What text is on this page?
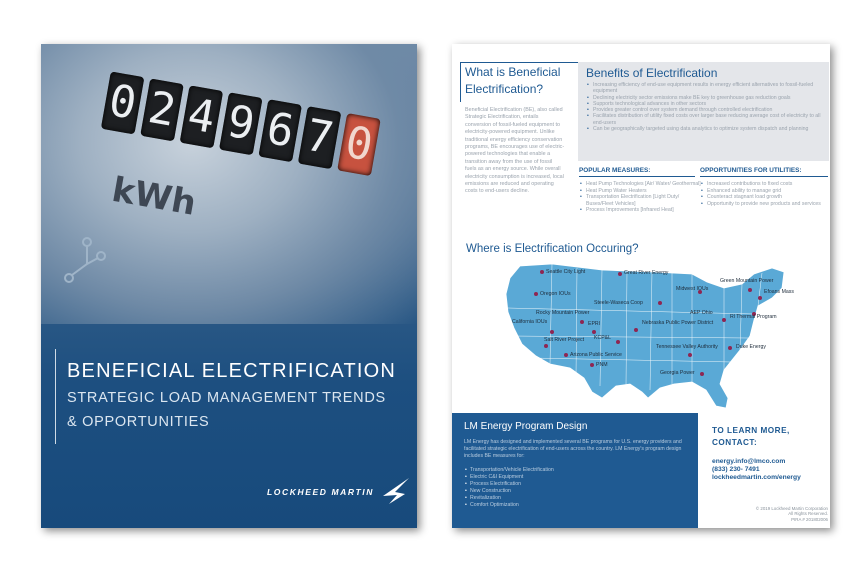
0 2 4 9 6 7 0
kWh
BENEFICIAL ELECTRIFICATION
STRATEGIC LOAD MANAGEMENT TRENDS
& OPPORTUNITIES
LOCKHEED MARTIN
What is Beneficial
Electrification?
Beneficial Electrification (BE), also called Strategic Electrification, entails conversion of fossil-fueled equipment to electricity-powered equipment. Unlike traditional energy efficiency conservation programs, BE encourages use of electric-powered technologies that enable a transition away from the use of fossil fuels as an energy source. While overall electricity consumption is increased, local emissions are reduced and operating costs to end-users decline.
Benefits of Electrification
• Increasing efficiency of end-use equipment results in energy efficient alternatives to fossil-fueled equipment
• Declining electricity sector emissions make BE key to greenhouse gas reduction goals
• Supports technological advances in other sectors
• Provides greater control over system demand through controlled electrification
• Facilitates distribution of utility fixed costs over larger base reducing average cost of electricity to all end-users
• Can be geographically targeted using data analytics to optimize system dispatch and planning
POPULAR MEASURES:
• Heat Pump Technologies [Air/ Water/ Geothermal]
• Heat Pump Water Heaters
• Transportation Electrification [Light Duty/ Buses/Fleet Vehicles]
• Process Improvements [Infrared Heat]
OPPORTUNITIES FOR UTILITIES:
• Increased contributions to fixed costs
• Enhanced ability to manage grid
• Counteract stagnant load growth
• Opportunity to provide new products and services
Where is Electrification Occuring?
Seattle City Light
Oregon IOUs
Rocky Mountain Power
California IOUs
Salt River Project
Arizona Public Service
PNM
EPRI
Great River Energy
Steele-Waseca Coop
Nebraska Public Power District
KCP&L
Tennessee Valley Authority
Georgia Power
Midwest IOUs
AEP Ohio
Duke Energy
Green Mountain Power
Efoans Mass
Rl Thermal Program
LM Energy Program Design
LM Energy has designed and implemented several BE programs for U.S. energy providers and facilitated strategic electrification of end-users across the country. LM Energy's program design includes BE measures for:
• Transportation/Vehicle Electrification
• Electric C&I Equipment
• Process Electrification
• New Construction
• Revitalization
• Comfort Optimization
TO LEARN MORE,
CONTACT:
energy.info@lmco.com
(833) 230- 7491
lockheedmartin.com/energy
© 2019 Lockheed Martin Corporation
All Rights Reserved.
PIRA # 201802006
